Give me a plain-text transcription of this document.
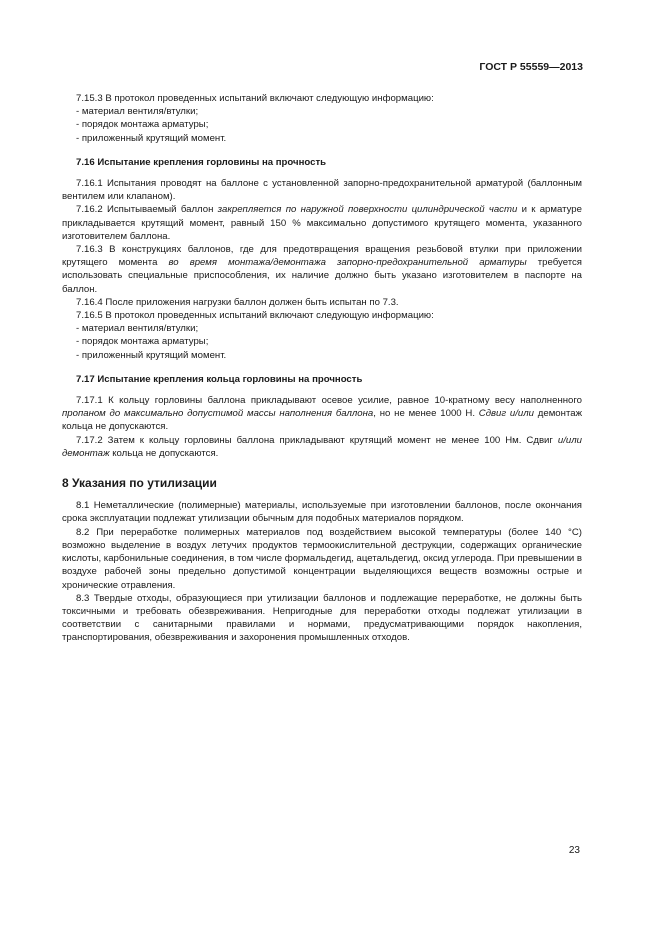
ГОСТ Р 55559—2013

7.15.3 В протокол проведенных испытаний включают следующую информацию:

- материал вентиля/втулки;

- порядок монтажа арматуры;

- приложенный крутящий момент.

7.16 Испытание крепления горловины на прочность

7.16.1 Испытания проводят на баллоне с установленной запорно-предохранительной арматурой (баллонным вентилем или клапаном).

7.16.2 Испытываемый баллон закрепляется по наружной поверхности цилиндрической части и к арматуре прикладывается крутящий момент, равный 150 % максимально допустимого крутящего момента, указанного изготовителем баллона.

7.16.3 В конструкциях баллонов, где для предотвращения вращения резьбовой втулки при приложении крутящего момента во время монтажа/демонтажа запорно-предохранительной арматуры требуется использовать специальные приспособления, их наличие должно быть указано изготовителем в паспорте на баллон.

7.16.4 После приложения нагрузки баллон должен быть испытан по 7.3.

7.16.5 В протокол проведенных испытаний включают следующую информацию:

- материал вентиля/втулки;

- порядок монтажа арматуры;

- приложенный крутящий момент.

7.17 Испытание крепления кольца горловины на прочность

7.17.1 К кольцу горловины баллона прикладывают осевое усилие, равное 10-кратному весу наполненного пропаном до максимально допустимой массы наполнения баллона, но не менее 1000 Н. Сдвиг и/или демонтаж кольца не допускаются.

7.17.2 Затем к кольцу горловины баллона прикладывают крутящий момент не менее 100 Нм. Сдвиг и/или демонтаж кольца не допускаются.

8 Указания по утилизации

8.1 Неметаллические (полимерные) материалы, используемые при изготовлении баллонов, после окончания срока эксплуатации подлежат утилизации обычным для подобных материалов порядком.

8.2 При переработке полимерных материалов под воздействием высокой температуры (более 140 °C) возможно выделение в воздух летучих продуктов термоокислительной деструкции, содержащих органические кислоты, карбонильные соединения, в том числе формальдегид, ацетальдегид, оксид углерода. При превышении в воздухе рабочей зоны предельно допустимой концентрации выделяющихся веществ возможны острые и хронические отравления.

8.3 Твердые отходы, образующиеся при утилизации баллонов и подлежащие переработке, не должны быть токсичными и требовать обезвреживания. Непригодные для переработки отходы подлежат утилизации в соответствии с санитарными правилами и нормами, предусматривающими порядок накопления, транспортирования, обезвреживания и захоронения промышленных отходов.

23
